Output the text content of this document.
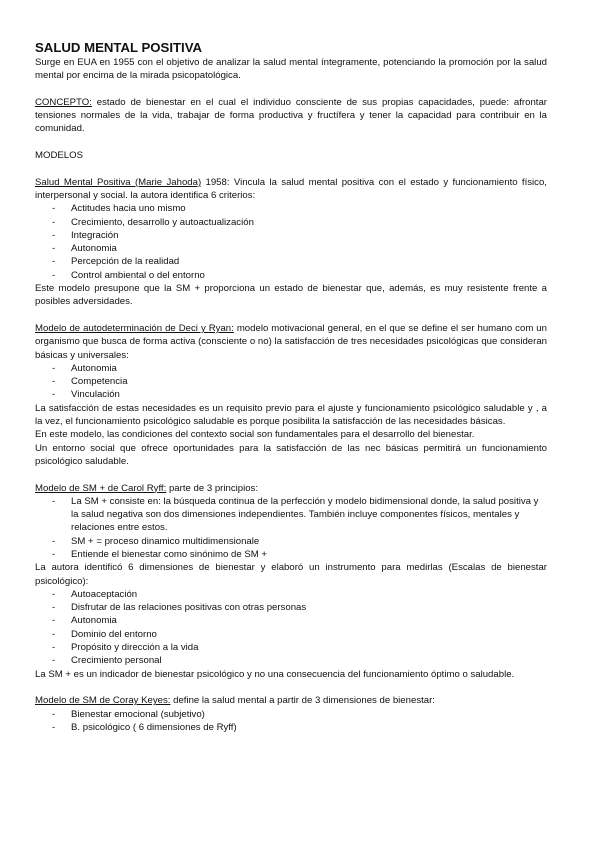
SALUD MENTAL POSITIVA

Surge en EUA en 1955 con el objetivo de analizar la salud mental íntegramente, potenciando la promoción por la salud mental por encima de la mirada psicopatológica.

CONCEPTO: estado de bienestar en el cual el individuo consciente de sus propias capacidades, puede: afrontar tensiones normales de la vida, trabajar de forma productiva y fructífera y tener la capacidad para contribuir en la comunidad.

MODELOS

Salud Mental Positiva (Marie Jahoda) 1958: Vincula la salud mental positiva con el estado y funcionamiento físico, interpersonal y social. la autora identifica 6 criterios:

- Actitudes hacia uno mismo
- Crecimiento, desarrollo y autoactualización
- Integración
- Autonomia
- Percepción de la realidad
- Control ambiental o del entorno

Este modelo presupone que la SM + proporciona un estado de bienestar que, además, es muy resistente frente a posibles adversidades.

Modelo de autodeterminación de Deci y Ryan: modelo motivacional general, en el que se define el ser humano com un organismo que busca de forma activa (consciente o no) la satisfacción de tres necesidades psicológicas que consideran básicas y universales:

- Autonomia
- Competencia
- Vinculación

La satisfacción de estas necesidades es un requisito previo para el ajuste y funcionamiento psicológico saludable y , a la vez, el funcionamiento psicológico saludable es porque posibilita la satisfacción de las necesidades básicas.

En este modelo, las condiciones del contexto social son fundamentales para el desarrollo del bienestar.

Un entorno social que ofrece oportunidades para la satisfacción de las nec básicas permitirá un funcionamiento psicológico saludable.

Modelo de SM + de Carol Ryff: parte de 3 principios:

- La SM + consiste en: la búsqueda continua de la perfección y modelo bidimensional donde, la salud positiva y la salud negativa son dos dimensiones independientes. También incluye componentes físicos, mentales y relaciones entre estos.
- SM + = proceso dinamico multidimensionale
- Entiende el bienestar como sinónimo de SM +

La autora identificó 6 dimensiones de bienestar y elaboró un instrumento para medirlas (Escalas de bienestar psicológico):

- Autoaceptación
- Disfrutar de las relaciones positivas con otras personas
- Autonomia
- Dominio del entorno
- Propósito y dirección a la vida
- Crecimiento personal

La SM + es un indicador de bienestar psicológico y no una consecuencia del funcionamiento óptimo o saludable.

Modelo de SM de Coray Keyes: define la salud mental a partir de 3 dimensiones de bienestar:

- Bienestar emocional (subjetivo)
- B. psicológico ( 6 dimensiones de Ryff)
